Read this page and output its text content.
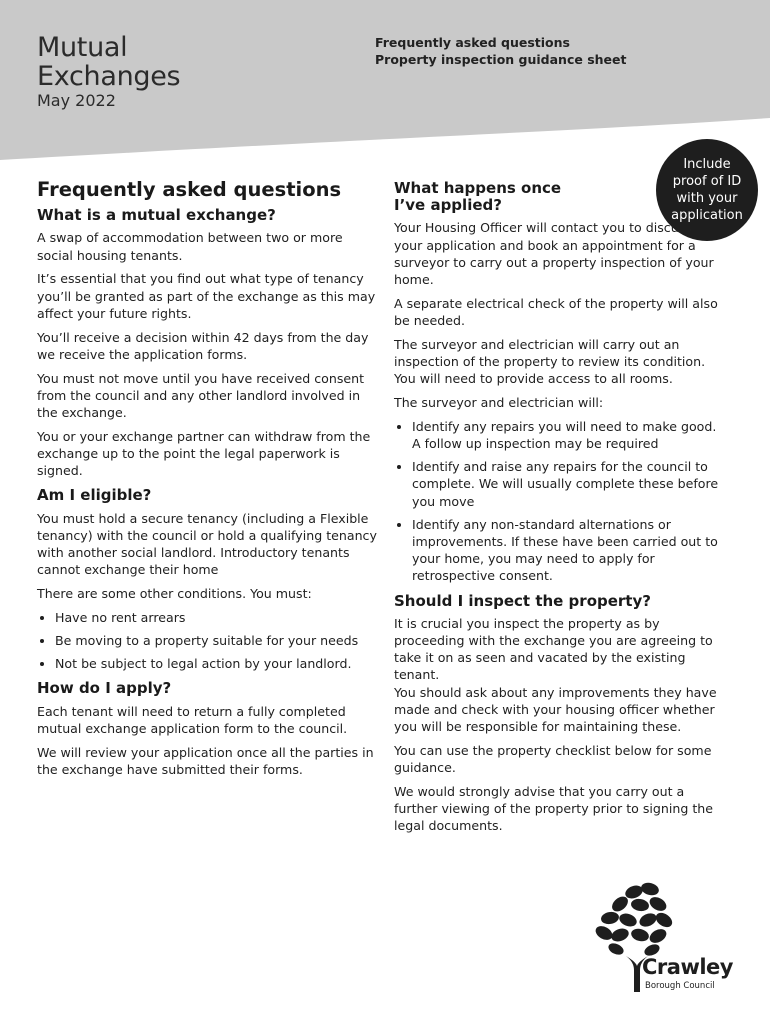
Mutual
Exchanges
May 2022
Frequently asked questions
Property inspection guidance sheet
Include
proof of ID
with your
application
Frequently asked questions
What is a mutual exchange?

A swap of accommodation between two or more social housing tenants.

It’s essential that you find out what type of tenancy you’ll be granted as part of the exchange as this may affect your future rights.

You’ll receive a decision within 42 days from the day we receive the application forms.

You must not move until you have received consent from the council and any other landlord involved in the exchange.

You or your exchange partner can withdraw from the exchange up to the point the legal paperwork is signed.

Am I eligible?

You must hold a secure tenancy (including a Flexible tenancy) with the council or hold a qualifying tenancy with another social landlord. Introductory tenants cannot exchange their home

There are some other conditions. You must:

Have no rent arrears
Be moving to a property suitable for your needs
Not be subject to legal action by your landlord.
How do I apply?

Each tenant will need to return a fully completed mutual exchange application form to the council.

We will review your application once all the parties in the exchange have submitted their forms.

What happens once I’ve applied?

Your Housing Officer will contact you to discuss your application and book an appointment for a surveyor to carry out a property inspection of your home.

A separate electrical check of the property will also be needed.

The surveyor and electrician will carry out an inspection of the property to review its condition. You will need to provide access to all rooms.

The surveyor and electrician will:

Identify any repairs you will need to make good. A follow up inspection may be required
Identify and raise any repairs for the council to complete. We will usually complete these before you move
Identify any non-standard alternations or improvements. If these have been carried out to your home, you may need to apply for retrospective consent.
Should I inspect the property?

It is crucial you inspect the property as by proceeding with the exchange you are agreeing to take it on as seen and vacated by the existing tenant.
You should ask about any improvements they have made and check with your housing officer whether you will be responsible for maintaining these.

You can use the property checklist below for some guidance.

We would strongly advise that you carry out a further viewing of the property prior to signing the legal documents.

Crawley
Borough Council
